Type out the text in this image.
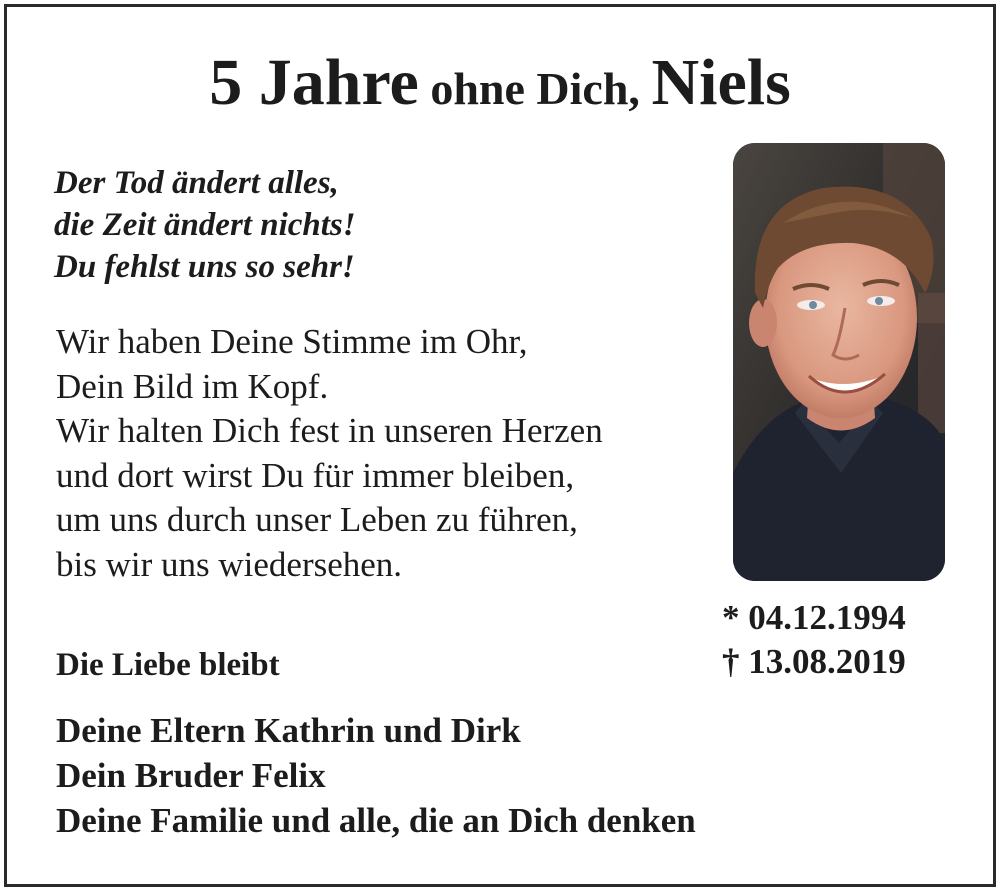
5 Jahre ohne Dich, Niels
Der Tod ändert alles,
die Zeit ändert nichts!
Du fehlst uns so sehr!
Wir haben Deine Stimme im Ohr,
Dein Bild im Kopf.
Wir halten Dich fest in unseren Herzen
und dort wirst Du für immer bleiben,
um uns durch unser Leben zu führen,
bis wir uns wiedersehen.
* 04.12.1994
† 13.08.2019
Die Liebe bleibt
Deine Eltern Kathrin und Dirk
Dein Bruder Felix
Deine Familie und alle, die an Dich denken
